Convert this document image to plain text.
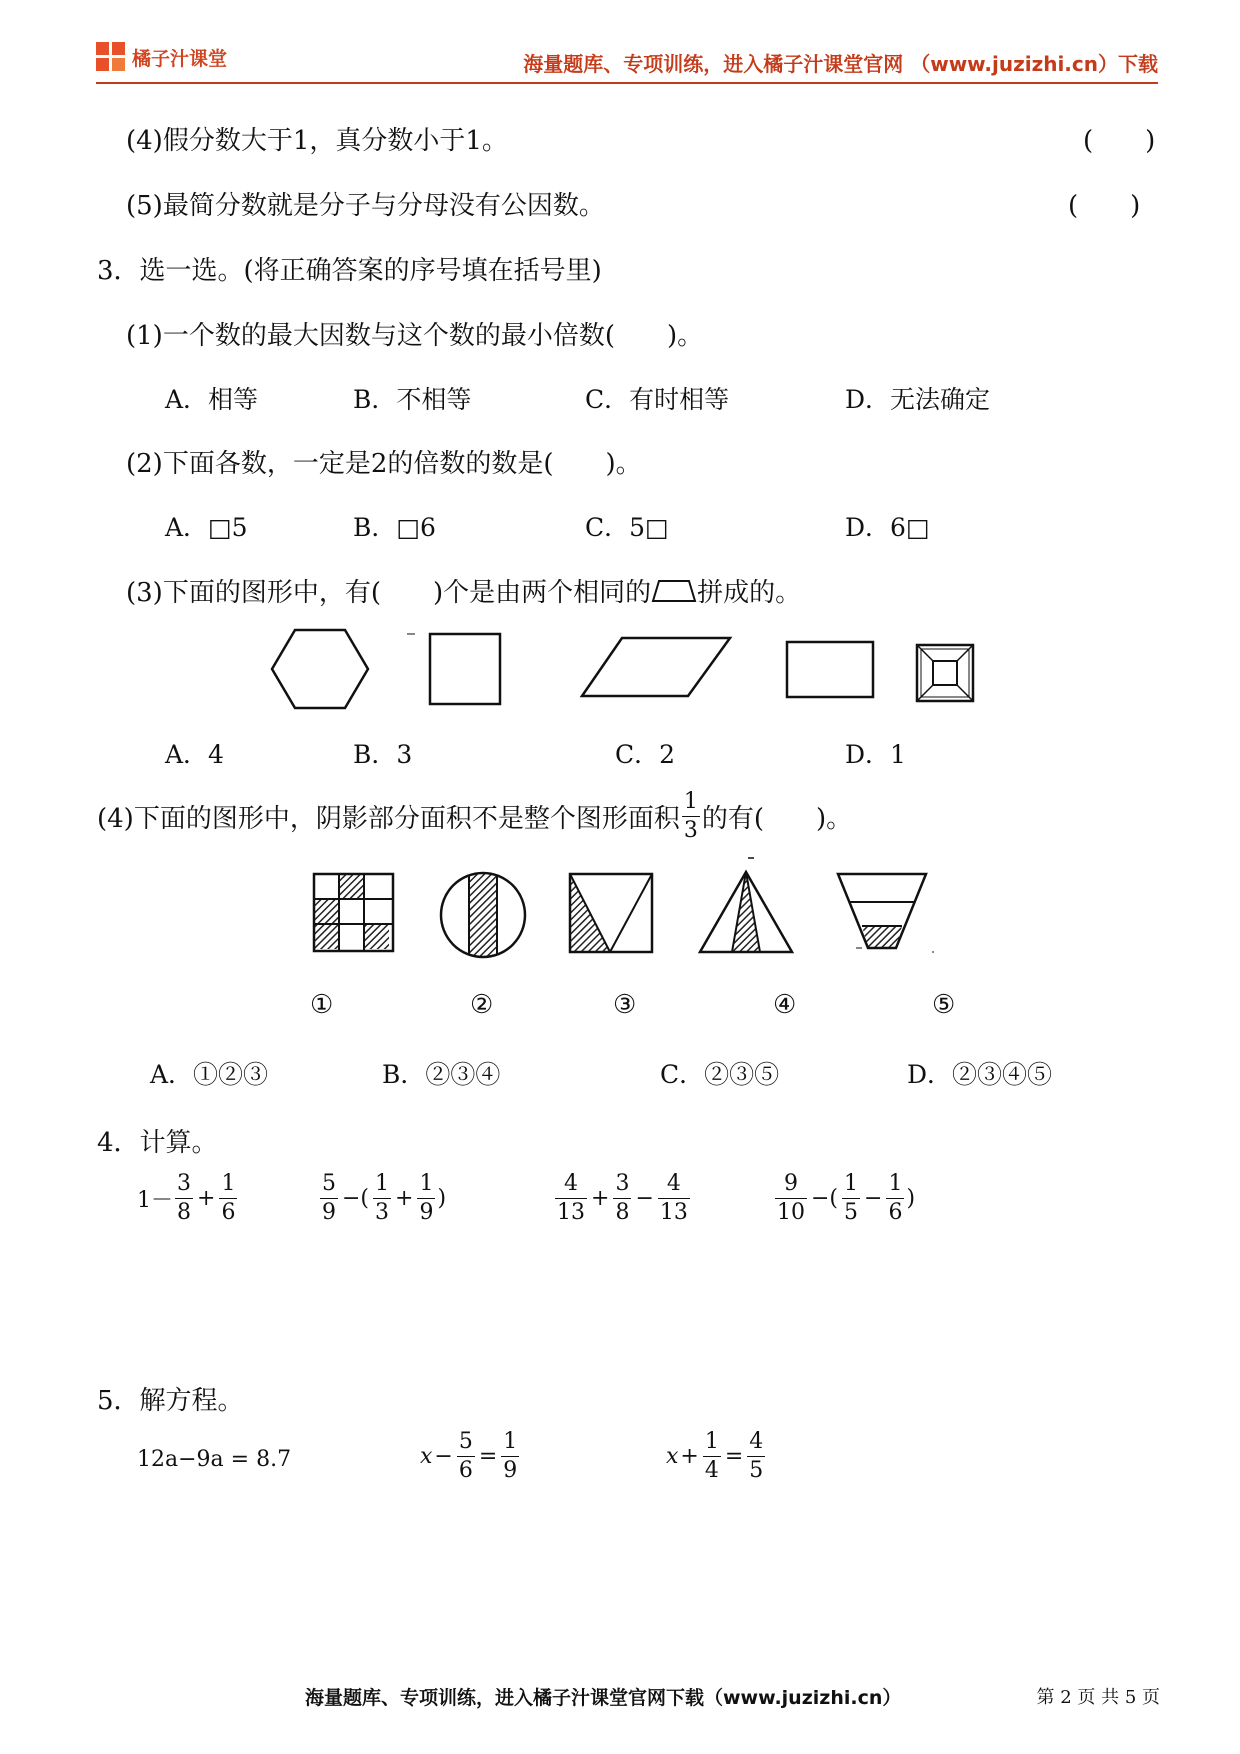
橘子汁课堂	海量题库、专项训练，进入橘子汁课堂官网 （www.juzizhi.cn）下载
(4)假分数大于1，真分数小于1。	(　　)
(5)最简分数就是分子与分母没有公因数。	(　　)
3．选一选。(将正确答案的序号填在括号里)
(1)一个数的最大因数与这个数的最小倍数(　　)。
A．相等	B．不相等	C．有时相等	D．无法确定
(2)下面各数，一定是2的倍数的数是(　　)。
A．□5	B．□6	C．5□	D．6□
(3)下面的图形中，有(　　)个是由两个相同的 拼成的。
A．4	B．3	C．2	D．1
(4)下面的图形中，阴影部分面积不是整个图形面积 $\frac{1}{3}$ 的有(　　)。
①	②	③	④	⑤
A．①②③	B．②③④	C．②③⑤	D．②③④⑤
4．计算。
$1- \frac{3}{8} + \frac{1}{6}$	$\frac{5}{9}$ −( $\frac{1}{3} + \frac{1}{9}$ )	$\frac{4}{13} + \frac{3}{8} - \frac{4}{13}$	$\frac{9}{10}$ −( $\frac{1}{5} - \frac{1}{6}$ )
5．解方程。
12a−9a = 8.7	$x - \frac{5}{6} = \frac{1}{9}$	$x + \frac{1}{4} = \frac{4}{5}$
海量题库、专项训练，进入橘子汁课堂官网下载（www.juzizhi.cn）	第 2 页 共 5 页
